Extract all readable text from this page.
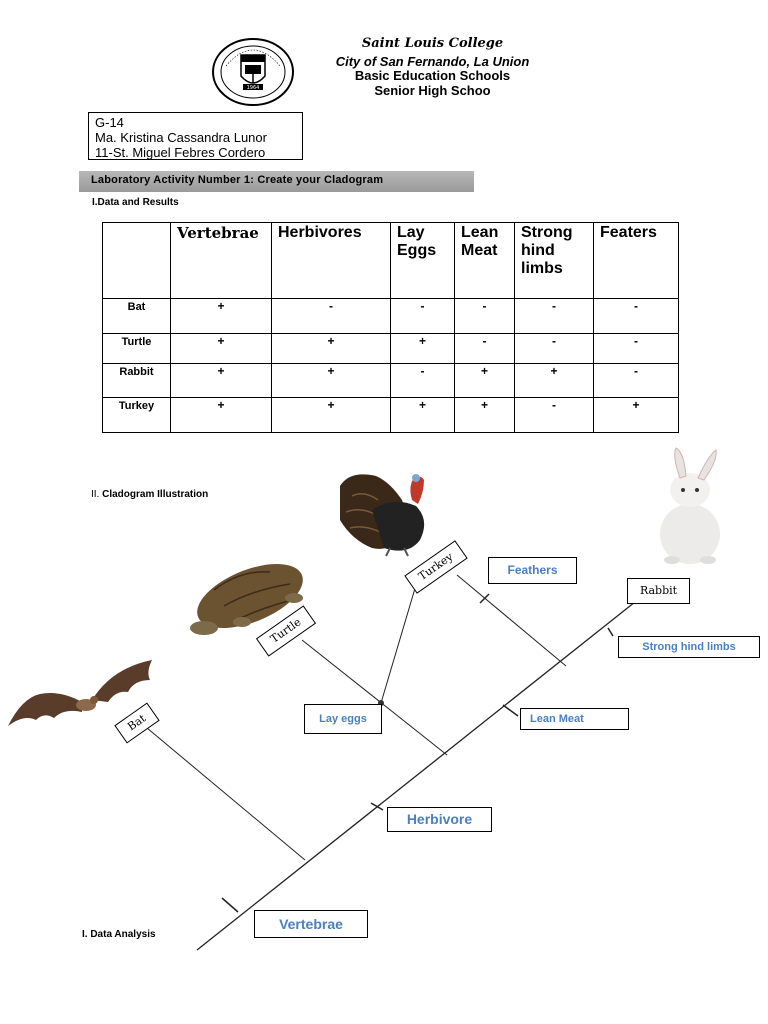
1964
Saint Louis College
City of San Fernando, La Union
Basic Education Schools
Senior High Schoo
G-14
Ma. Kristina Cassandra Lunor
11-St. Miguel Febres Cordero
Laboratory Activity Number 1: Create your Cladogram
I.Data and Results
	Vertebrae	Herbivores	Lay Eggs	Lean Meat	Strong hind limbs	Featers
Bat	+	-	-	-	-	-
Turtle	+	+	+	-	-	-
Rabbit	+	+	-	+	+	-
Turkey	+	+	+	+	-	+
II. Cladogram Illustration
Bat
Turtle
Turkey
Rabbit
Vertebrae
Herbivore
Lay eggs	Lean Meat
Strong hind limbs
Feathers
I. Data Analysis
